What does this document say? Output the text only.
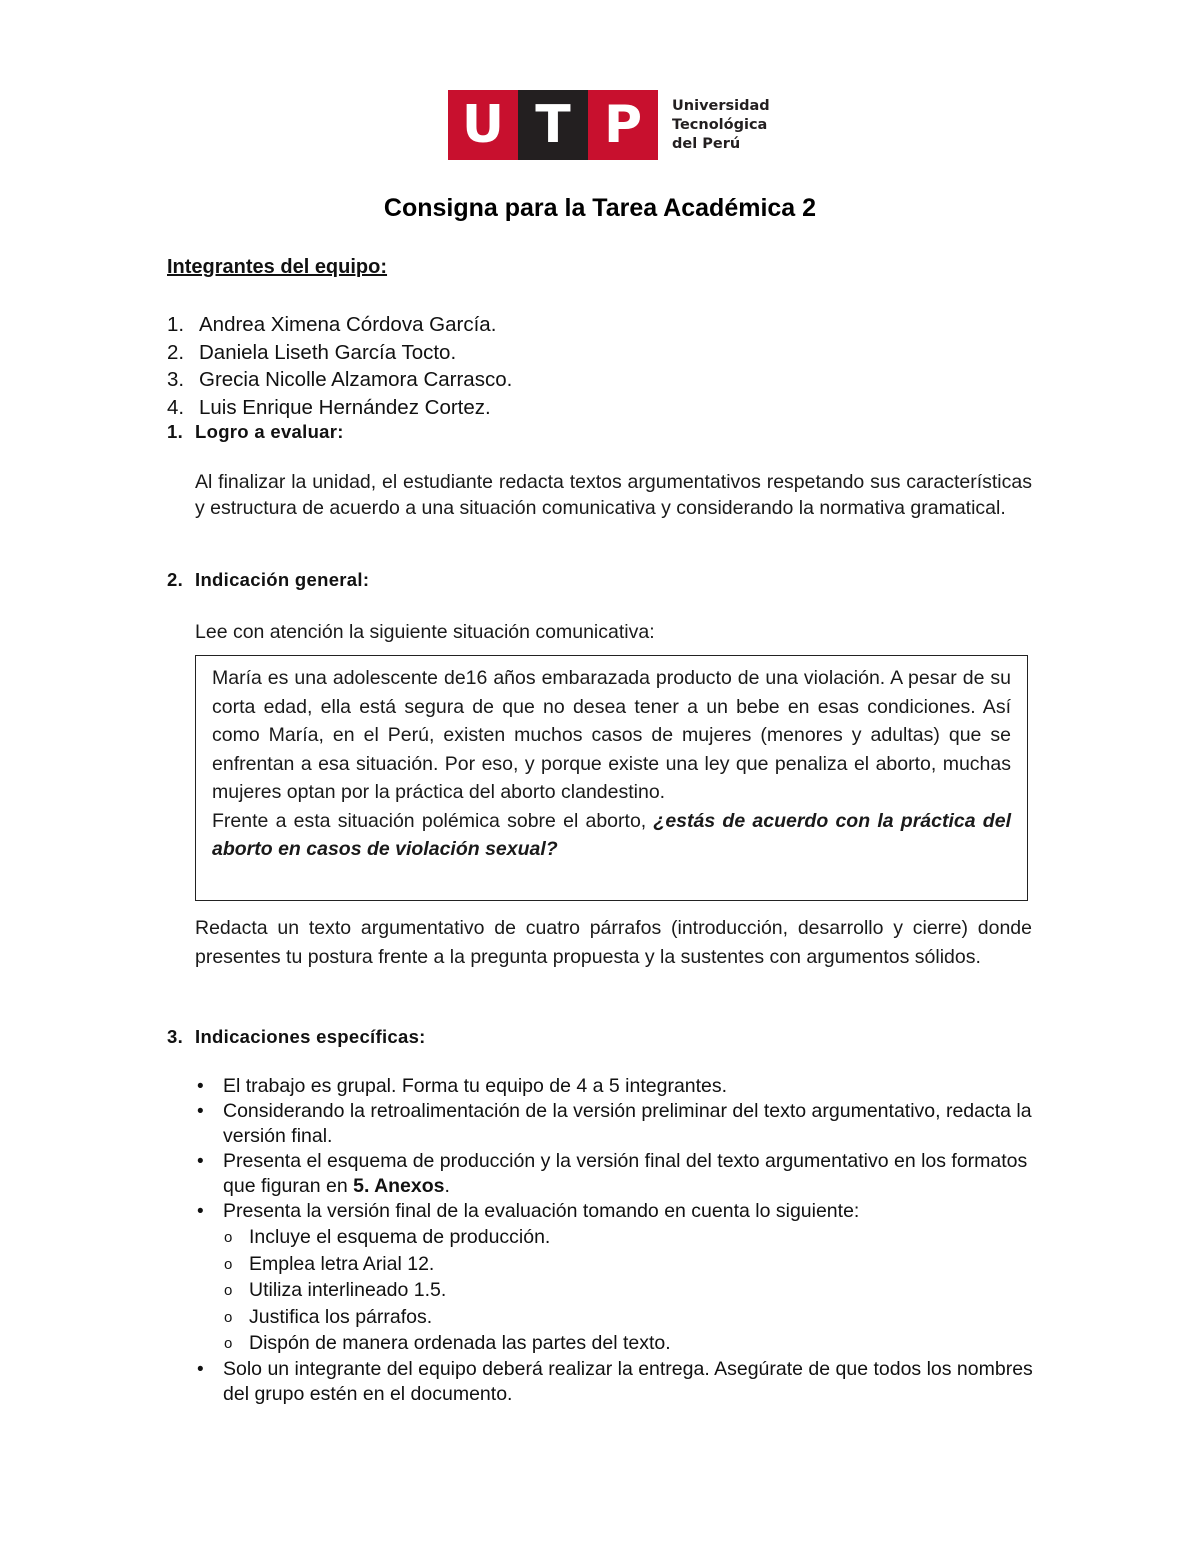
U T P	Universidad
Tecnológica
del Perú
Consigna para la Tarea Académica 2
Integrantes del equipo:
1. Andrea Ximena Córdova García.
2. Daniela Liseth García Tocto.
3. Grecia Nicolle Alzamora Carrasco.
4. Luis Enrique Hernández Cortez.
1. Logro a evaluar:
Al finalizar la unidad, el estudiante redacta textos argumentativos respetando sus características y estructura de acuerdo a una situación comunicativa y considerando la normativa gramatical.
2. Indicación general:
Lee con atención la siguiente situación comunicativa:

María es una adolescente de16 años embarazada producto de una violación. A pesar de su corta edad, ella está segura de que no desea tener a un bebe en esas condiciones. Así como María, en el Perú, existen muchos casos de mujeres (menores y adultas) que se enfrentan a esa situación. Por eso, y porque existe una ley que penaliza el aborto, muchas mujeres optan por la práctica del aborto clandestino.

Frente a esta situación polémica sobre el aborto, ¿estás de acuerdo con la práctica del aborto en casos de violación sexual?

Redacta un texto argumentativo de cuatro párrafos (introducción, desarrollo y cierre) donde presentes tu postura frente a la pregunta propuesta y la sustentes con argumentos sólidos.
3. Indicaciones específicas:
• El trabajo es grupal. Forma tu equipo de 4 a 5 integrantes.
• Considerando la retroalimentación de la versión preliminar del texto argumentativo, redacta la versión final.
• Presenta el esquema de producción y la versión final del texto argumentativo en los formatos que figuran en 5. Anexos.
• Presenta la versión final de la evaluación tomando en cuenta lo siguiente:
o Incluye el esquema de producción.
o Emplea letra Arial 12.
o Utiliza interlineado 1.5.
o Justifica los párrafos.
o Dispón de manera ordenada las partes del texto.
• Solo un integrante del equipo deberá realizar la entrega. Asegúrate de que todos los nombres del grupo estén en el documento.
